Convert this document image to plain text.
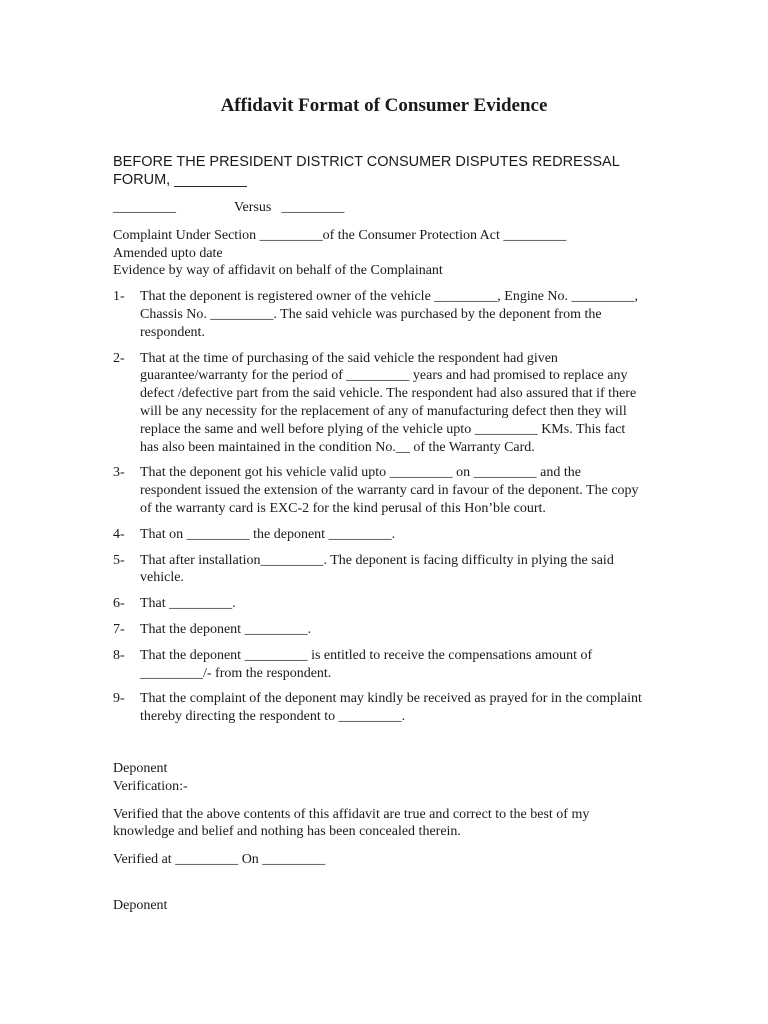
Affidavit Format of Consumer Evidence

BEFORE THE PRESIDENT DISTRICT CONSUMER DISPUTES REDRESSAL FORUM, _________

_________	Versus _________

Complaint Under Section _________of the Consumer Protection Act _________

Amended upto date

Evidence by way of affidavit on behalf of the Complainant

1-	That the deponent is registered owner of the vehicle _________, Engine No. _________, Chassis No. _________. The said vehicle was purchased by the deponent from the respondent.

2-	That at the time of purchasing of the said vehicle the respondent had given guarantee/warranty for the period of _________ years and had promised to replace any defect /defective part from the said vehicle. The respondent had also assured that if there will be any necessity for the replacement of any of manufacturing defect then they will replace the same and well before plying of the vehicle upto _________ KMs. This fact has also been maintained in the condition No.__ of the Warranty Card.

3-	That the deponent got his vehicle valid upto _________ on _________ and the respondent issued the extension of the warranty card in favour of the deponent. The copy of the warranty card is EXC-2 for the kind perusal of this Hon’ble court.

4-	That on _________ the deponent _________.

5-	That after installation_________. The deponent is facing difficulty in plying the said vehicle.

6-	That _________.

7-	That the deponent _________.

8-	That the deponent _________ is entitled to receive the compensations amount of _________/- from the respondent.

9-	That the complaint of the deponent may kindly be received as prayed for in the complaint thereby directing the respondent to _________.

Deponent

Verification:-

Verified that the above contents of this affidavit are true and correct to the best of my knowledge and belief and nothing has been concealed therein.

Verified at _________ On _________

Deponent
